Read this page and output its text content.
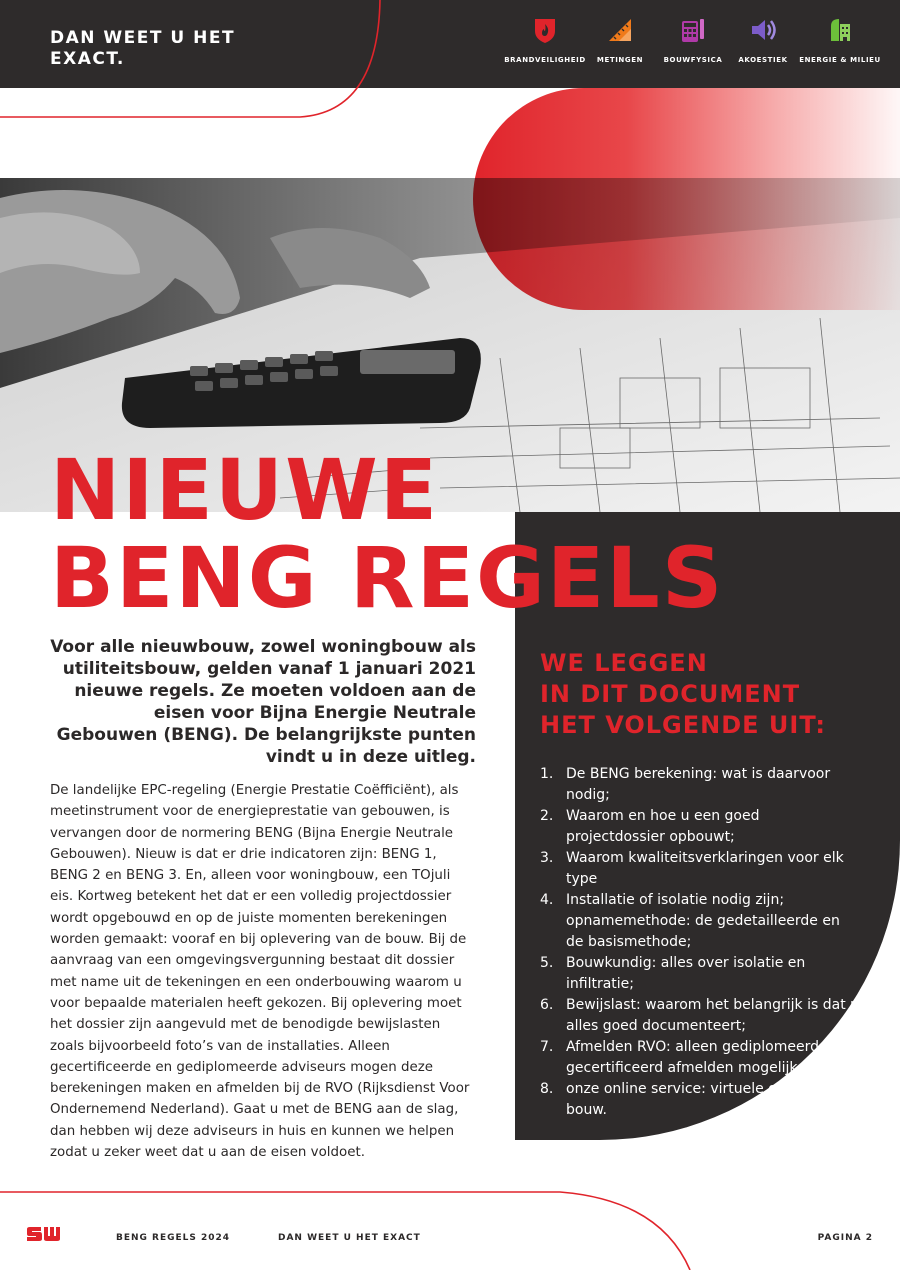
DAN WEET U HET EXACT.	BRANDVEILIGHEID	METINGEN	BOUWFYSICA	AKOESTIEK	ENERGIE & MILIEU
NIEUWE
BENG REGELS
WE LEGGEN
IN DIT DOCUMENT
HET VOLGENDE UIT:
1. De BENG berekening: wat is daarvoor nodig;
2. Waarom en hoe u een goed projectdossier opbouwt;
3. Waarom kwaliteitsverklaringen voor elk type
4. Installatie of isolatie nodig zijn; opnamemethode: de gedetailleerde en de basismethode;
5. Bouwkundig: alles over isolatie en infiltratie;
6. Bewijslast: waarom het belangrijk is dat u alles goed documenteert;
7. Afmelden RVO: alleen gediplomeerd en gecertificeerd afmelden mogelijk;
8. onze online service: virtuele opname bouw.

Voor alle nieuwbouw, zowel woningbouw als utiliteitsbouw, gelden vanaf 1 januari 2021 nieuwe regels. Ze moeten voldoen aan de eisen voor Bijna Energie Neutrale Gebouwen (BENG). De belangrijkste punten vindt u in deze uitleg.

De landelijke EPC-regeling (Energie Prestatie Coëfficiënt), als meetinstrument voor de energieprestatie van gebouwen, is vervangen door de normering BENG (Bijna Energie Neutrale Gebouwen). Nieuw is dat er drie indicatoren zijn: BENG 1, BENG 2 en BENG 3. En, alleen voor woningbouw, een TOjuli eis. Kortweg betekent het dat er een volledig projectdossier wordt opgebouwd en op de juiste momenten berekeningen worden gemaakt: vooraf en bij oplevering van de bouw. Bij de aanvraag van een omgevingsvergunning bestaat dit dossier met name uit de tekeningen en een onderbouwing waarom u voor bepaalde materialen heeft gekozen. Bij oplevering moet het dossier zijn aangevuld met de benodigde bewijslasten zoals bijvoorbeeld foto’s van de installaties. Alleen gecertificeerde en gediplomeerde adviseurs mogen deze berekeningen maken en afmelden bij de RVO (Rijksdienst Voor Ondernemend Nederland). Gaat u met de BENG aan de slag, dan hebben wij deze adviseurs in huis en kunnen we helpen zodat u zeker weet dat u aan de eisen voldoet.

BENG REGELS 2024	DAN WEET U HET EXACT	PAGINA 2
